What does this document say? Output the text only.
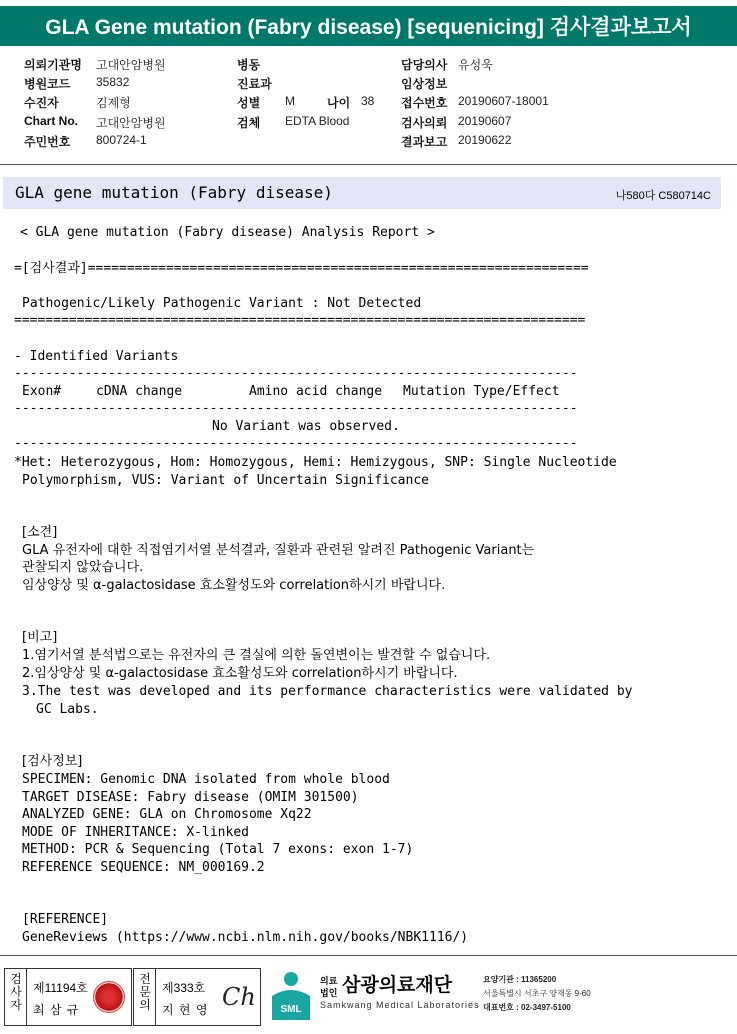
GLA Gene mutation (Fabry disease) [sequenicing] 검사결과보고서
의뢰기관명 고대안암병원	병동	담당의사 유성욱
병원코드 35832	진료과	임상정보
수진자	김제형	성별 M	나이 38 접수번호 20190607-18001
Chart No. 고대안암병원	검체 EDTA Blood	검사의뢰 20190607
주민번호 800724-1	결과보고 20190622
GLA gene mutation (Fabry disease)	나580다 C580714C
< GLA gene mutation (Fabry disease) Analysis Report >
=[검사결과]================================================================
Pathogenic/Likely Pathogenic Variant : Not Detected
=========================================================================
- Identified Variants
------------------------------------------------------------------------
Exon#	cDNA change	Amino acid change Mutation Type/Effect
------------------------------------------------------------------------
No Variant was observed.
------------------------------------------------------------------------
*Het: Heterozygous, Hom: Homozygous, Hemi: Hemizygous, SNP: Single Nucleotide
Polymorphism, VUS: Variant of Uncertain Significance
[소견]
GLA 유전자에 대한 직접염기서열 분석결과, 질환과 관련된 알려진 Pathogenic Variant는
관찰되지 않았습니다.
임상양상 및 α-galactosidase 효소활성도와 correlation하시기 바랍니다.
[비고]
1.염기서열 분석법으로는 유전자의 큰 결실에 의한 돌연변이는 발견할 수 없습니다.
2.임상양상 및 α-galactosidase 효소활성도와 correlation하시기 바랍니다.
3.The test was developed and its performance characteristics were validated by
GC Labs.
[검사정보]
SPECIMEN: Genomic DNA isolated from whole blood
TARGET DISEASE: Fabry disease (OMIM 301500)
ANALYZED GENE: GLA on Chromosome Xq22
MODE OF INHERITANCE: X-linked
METHOD: PCR & Sequencing (Total 7 exons: exon 1-7)
REFERENCE SEQUENCE: NM_000169.2
[REFERENCE]
GeneReviews (https://www.ncbi.nlm.nih.gov/books/NBK1116/)
검사자
제11194호
최 삼 규
전문의
제333호
지 현 영 Ch SML
의료
법인 삼광의료재단
Samkwang Medical Laboratories
요양기관 : 11365200
서울특별시 서초구 양재동 9-60
대표번호 : 02-3497-5100
